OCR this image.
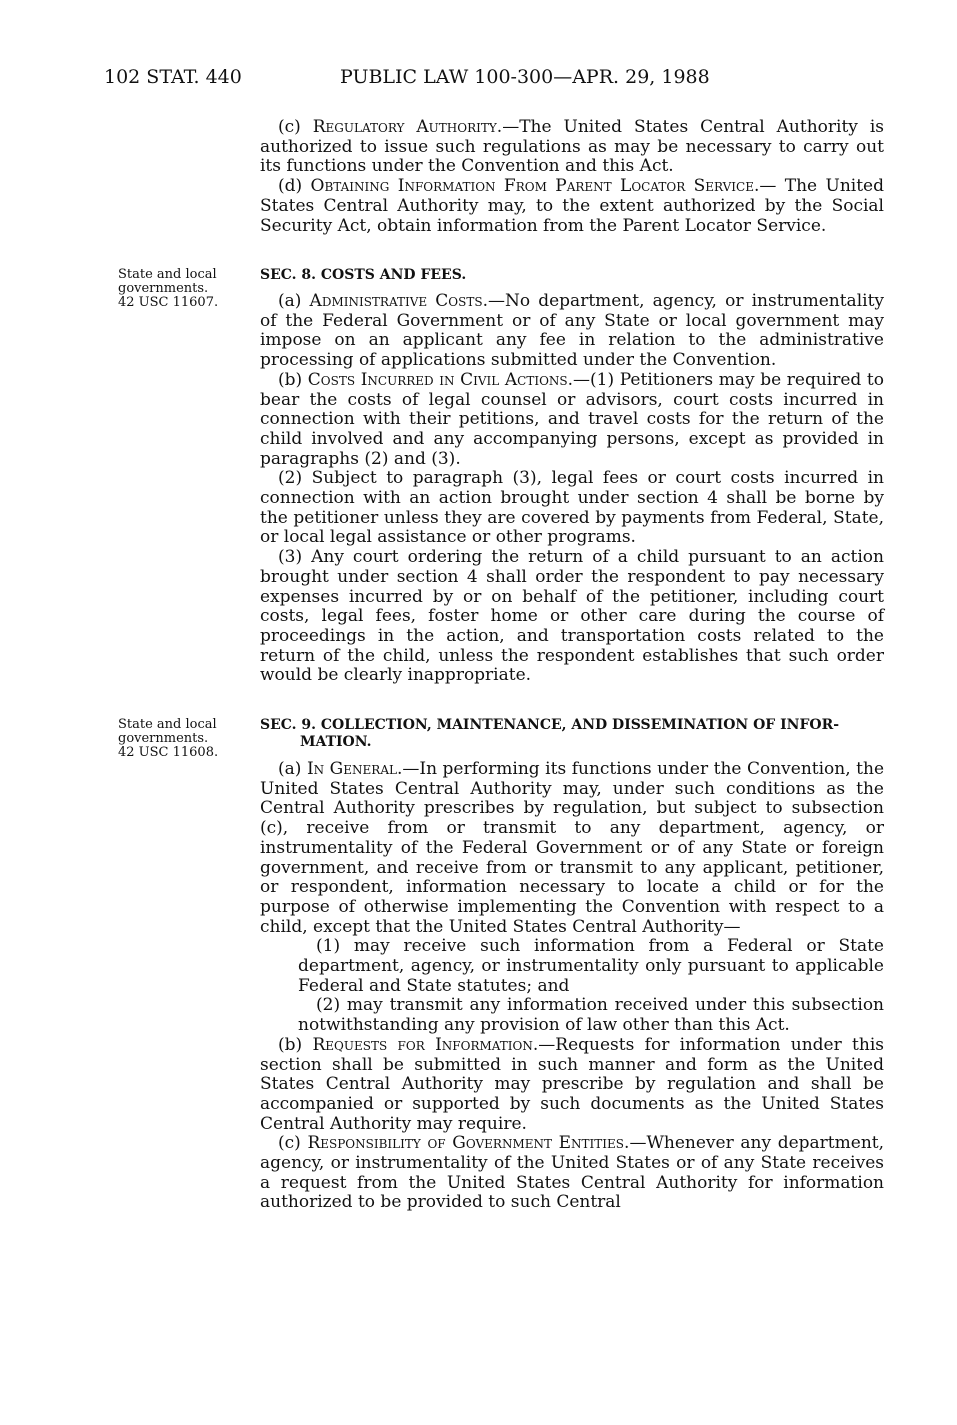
102 STAT. 440	PUBLIC LAW 100-300—APR. 29, 1988

(c) Regulatory Authority.—The United States Central Authority is authorized to issue such regulations as may be necessary to carry out its functions under the Convention and this Act.

(d) Obtaining Information From Parent Locator Service.— The United States Central Authority may, to the extent authorized by the Social Security Act, obtain information from the Parent Locator Service.

State and local
governments.
42 USC 11607.
SEC. 8. COSTS AND FEES.

(a) Administrative Costs.—No department, agency, or instrumentality of the Federal Government or of any State or local government may impose on an applicant any fee in relation to the administrative processing of applications submitted under the Convention.

(b) Costs Incurred in Civil Actions.—(1) Petitioners may be required to bear the costs of legal counsel or advisors, court costs incurred in connection with their petitions, and travel costs for the return of the child involved and any accompanying persons, except as provided in paragraphs (2) and (3).

(2) Subject to paragraph (3), legal fees or court costs incurred in connection with an action brought under section 4 shall be borne by the petitioner unless they are covered by payments from Federal, State, or local legal assistance or other programs.

(3) Any court ordering the return of a child pursuant to an action brought under section 4 shall order the respondent to pay necessary expenses incurred by or on behalf of the petitioner, including court costs, legal fees, foster home or other care during the course of proceedings in the action, and transportation costs related to the return of the child, unless the respondent establishes that such order would be clearly inappropriate.

State and local
governments.
42 USC 11608.
SEC. 9. COLLECTION, MAINTENANCE, AND DISSEMINATION OF INFOR-
MATION.

(a) In General.—In performing its functions under the Convention, the United States Central Authority may, under such conditions as the Central Authority prescribes by regulation, but subject to subsection (c), receive from or transmit to any department, agency, or instrumentality of the Federal Government or of any State or foreign government, and receive from or transmit to any applicant, petitioner, or respondent, information necessary to locate a child or for the purpose of otherwise implementing the Convention with respect to a child, except that the United States Central Authority—

(1) may receive such information from a Federal or State department, agency, or instrumentality only pursuant to applicable Federal and State statutes; and

(2) may transmit any information received under this subsection notwithstanding any provision of law other than this Act.

(b) Requests for Information.—Requests for information under this section shall be submitted in such manner and form as the United States Central Authority may prescribe by regulation and shall be accompanied or supported by such documents as the United States Central Authority may require.

(c) Responsibility of Government Entities.—Whenever any department, agency, or instrumentality of the United States or of any State receives a request from the United States Central Authority for information authorized to be provided to such Central
